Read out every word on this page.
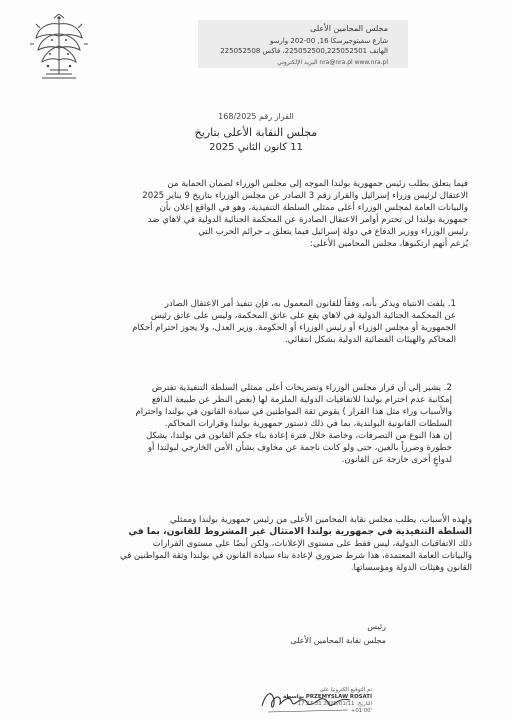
مجلس المحامين الأعلى
شارع سفيتوجيرسكا 16, 00-202 وارسو
الهاتف 225052500,225052501، فاكس 225052508
nra@nra.pl www.nra.pl البريد الإلكتروني
القرار رقم 168/2025
مجلس النقابة الأعلى بتاريخ
11 كانون الثاني 2025
فيما يتعلق بطلب رئيس جمهورية بولندا الموجه إلى مجلس الوزراء لضمان الحماية من
الاعتقال لرئيس وزراء إسرائيل والقرار رقم 3 الصادر عن مجلس الوزراء بتاريخ 9 يناير 2025
والبيانات العامة لمجلس الوزراء أعلى ممثلي السلطة التنفيذية، وهو في الواقع إعلان بأن
جمهورية بولندا لن تحترم أوامر الاعتقال الصادرة عن المحكمة الجنائية الدولية في لاهاي ضد
رئيس الوزراء ووزير الدفاع في دولة إسرائيل فيما يتعلق بـ جرائم الحرب التي
يُزعم أنهم ارتكبوها، مجلس المحامين الأعلى:
1. يلفت الانتباه ويذكر بأنه، وفقاً للقانون المعمول به، فإن تنفيذ أمر الاعتقال الصادر
عن المحكمة الجنائية الدولية في لاهاي يقع على عاتق المحكمة، وليس على عاتق رئيس
الجمهورية أو مجلس الوزراء أو رئيس الوزراء أو الحكومة. وزير العدل، ولا يجوز احترام أحكام
المحاكم والهيئات القضائية الدولية بشكل انتقائي.
2. يشير إلى أن قرار مجلس الوزراء وتصريحات أعلى ممثلي السلطة التنفيذية تفترض
إمكانية عدم احترام بولندا للاتفاقيات الدولية الملزمة لها (بغض النظر عن طبيعة الدافع
والأسباب وراء مثل هذا القرار ) يقوض ثقة المواطنين في سيادة القانون في بولندا واحترام
السلطات القانونية البولندية، بما في ذلك دستور جمهورية بولندا وقرارات المحاكم.
إن هذا النوع من التصرفات، وخاصة خلال فترة إعادة بناء حكم القانون في بولندا، يشكل
خطورة وضرراً بالغين، حتى ولو كانت ناجمة عن مخاوف بشأن الأمن الخارجي لبولندا أو
لدواعٍ أخرى خارجة عن القانون.
ولهذه الأسباب، يطلب مجلس نقابة المحامين الأعلى من رئيس جمهورية بولندا وممثلي
السلطة التنفيذية في جمهورية بولندا الامتثال غير المشروط للقانون، بما في
ذلك الاتفاقيات الدولية، ليس فقط على مستوى الإعلانات، ولكن أيضًا على مستوى القرارات
والبيانات العامة المعتمدة، هذا شرط ضروري لإعادة بناء سيادة القانون في بولندا وثقة المواطنين في
القانون وهيئات الدولة ومؤسساتها.
رئيس
مجلس نقابة المحامين الأعلى
تم التوقيع الكترونيا على
PRZEMYSLAW ROSATI بواسطة
17.27.31 2025/01/11 :التاريخ
+01'00'
